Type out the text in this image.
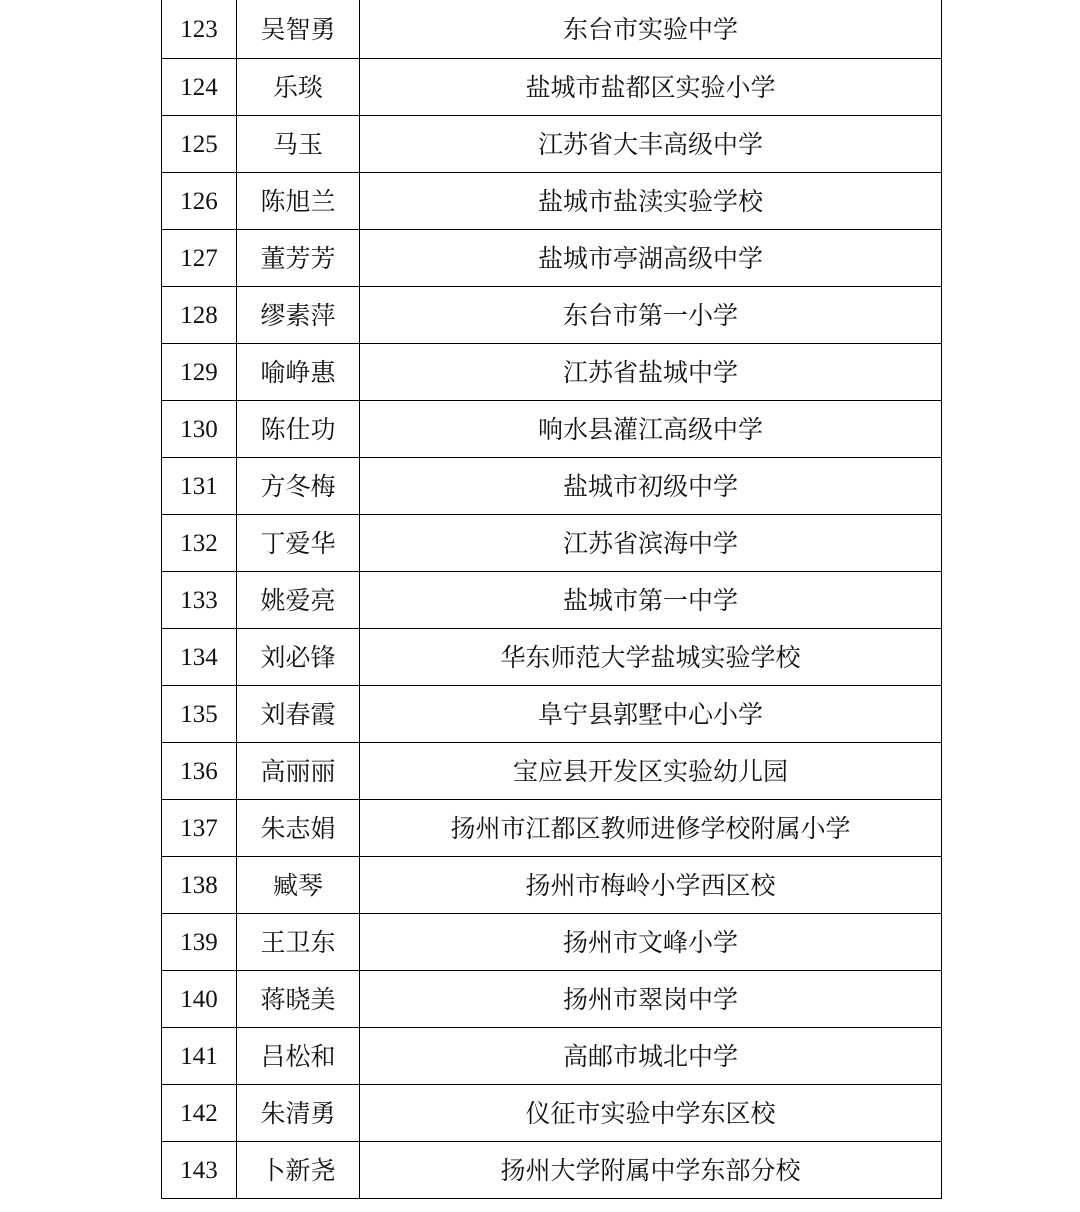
123	吴智勇	东台市实验中学
124	乐琰	盐城市盐都区实验小学
125	马玉	江苏省大丰高级中学
126	陈旭兰	盐城市盐渎实验学校
127	董芳芳	盐城市亭湖高级中学
128	缪素萍	东台市第一小学
129	喻峥惠	江苏省盐城中学
130	陈仕功	响水县灌江高级中学
131	方冬梅	盐城市初级中学
132	丁爱华	江苏省滨海中学
133	姚爱亮	盐城市第一中学
134	刘必锋	华东师范大学盐城实验学校
135	刘春霞	阜宁县郭墅中心小学
136	高丽丽	宝应县开发区实验幼儿园
137	朱志娟	扬州市江都区教师进修学校附属小学
138	臧琴	扬州市梅岭小学西区校
139	王卫东	扬州市文峰小学
140	蒋晓美	扬州市翠岗中学
141	吕松和	高邮市城北中学
142	朱清勇	仪征市实验中学东区校
143	卜新尧	扬州大学附属中学东部分校
